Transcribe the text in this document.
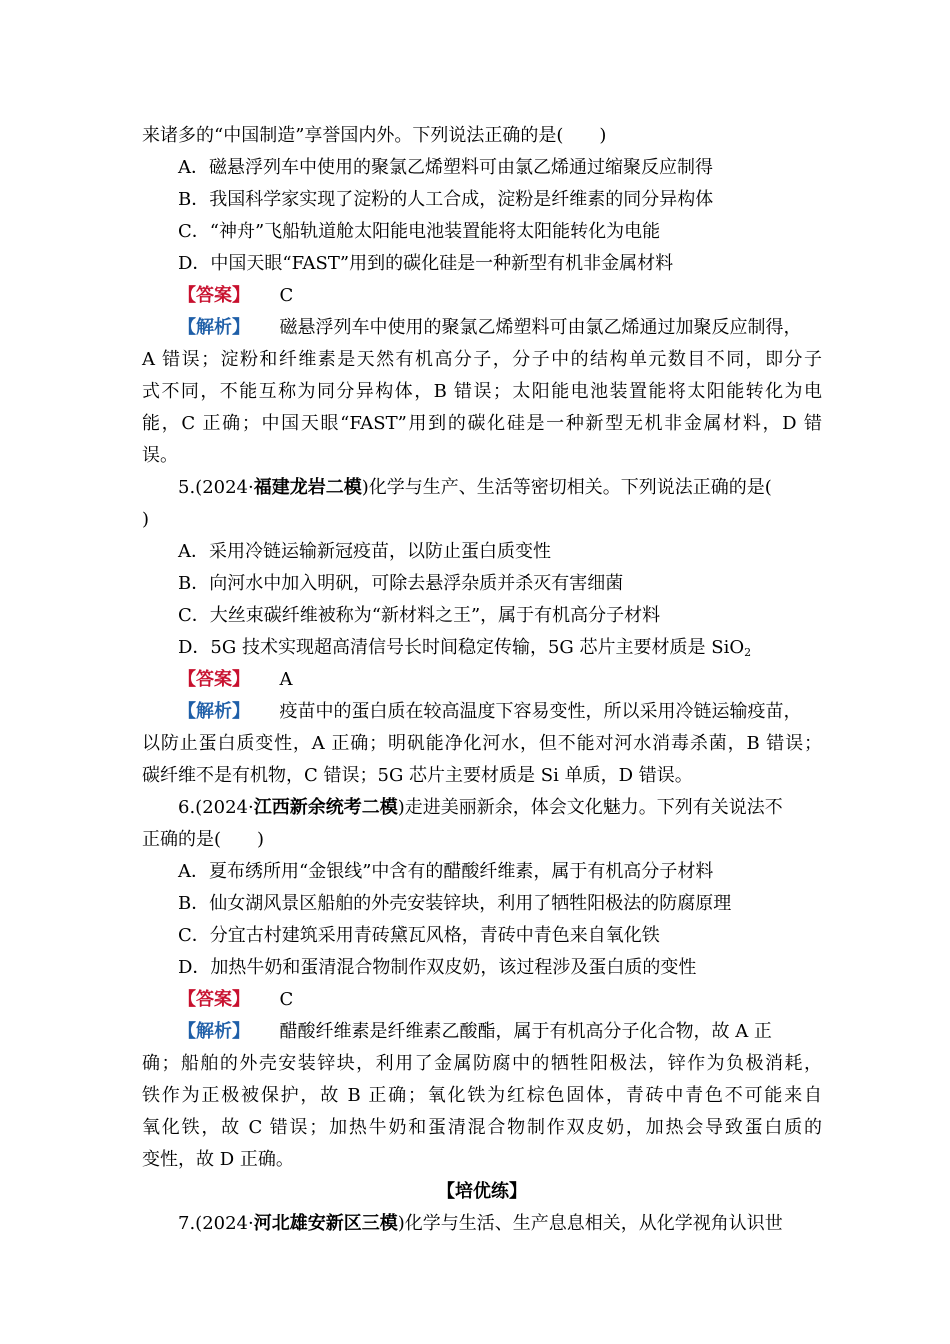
来诸多的“中国制造”享誉国内外。下列说法正确的是(　　)
A．磁悬浮列车中使用的聚氯乙烯塑料可由氯乙烯通过缩聚反应制得
B．我国科学家实现了淀粉的人工合成，淀粉是纤维素的同分异构体
C．“神舟”飞船轨道舱太阳能电池装置能将太阳能转化为电能
D．中国天眼“FAST”用到的碳化硅是一种新型有机非金属材料
【答案】 C
【解析】 磁悬浮列车中使用的聚氯乙烯塑料可由氯乙烯通过加聚反应制得，
A 错误；淀粉和纤维素是天然有机高分子，分子中的结构单元数目不同，即分子
式不同，不能互称为同分异构体，B 错误；太阳能电池装置能将太阳能转化为电
能，C 正确；中国天眼“FAST”用到的碳化硅是一种新型无机非金属材料，D 错
误。
5.(2024·福建龙岩二模)化学与生产、生活等密切相关。下列说法正确的是(
)
A．采用冷链运输新冠疫苗，以防止蛋白质变性
B．向河水中加入明矾，可除去悬浮杂质并杀灭有害细菌
C．大丝束碳纤维被称为“新材料之王”，属于有机高分子材料
D．5G 技术实现超高清信号长时间稳定传输，5G 芯片主要材质是 SiO$_2$
【答案】 A
【解析】 疫苗中的蛋白质在较高温度下容易变性，所以采用冷链运输疫苗，
以防止蛋白质变性，A 正确；明矾能净化河水，但不能对河水消毒杀菌，B 错误；
碳纤维不是有机物，C 错误；5G 芯片主要材质是 Si 单质，D 错误。
6.(2024·江西新余统考二模)走进美丽新余，体会文化魅力。下列有关说法不
正确的是(　　)
A．夏布绣所用“金银线”中含有的醋酸纤维素，属于有机高分子材料
B．仙女湖风景区船舶的外壳安装锌块，利用了牺牲阳极法的防腐原理
C．分宜古村建筑采用青砖黛瓦风格，青砖中青色来自氧化铁
D．加热牛奶和蛋清混合物制作双皮奶，该过程涉及蛋白质的变性
【答案】 C
【解析】 醋酸纤维素是纤维素乙酸酯，属于有机高分子化合物，故 A 正
确；船舶的外壳安装锌块，利用了金属防腐中的牺牲阳极法，锌作为负极消耗，
铁作为正极被保护，故 B 正确；氧化铁为红棕色固体，青砖中青色不可能来自
氧化铁，故 C 错误；加热牛奶和蛋清混合物制作双皮奶，加热会导致蛋白质的
变性，故 D 正确。
【培优练】
7.(2024·河北雄安新区三模)化学与生活、生产息息相关，从化学视角认识世
